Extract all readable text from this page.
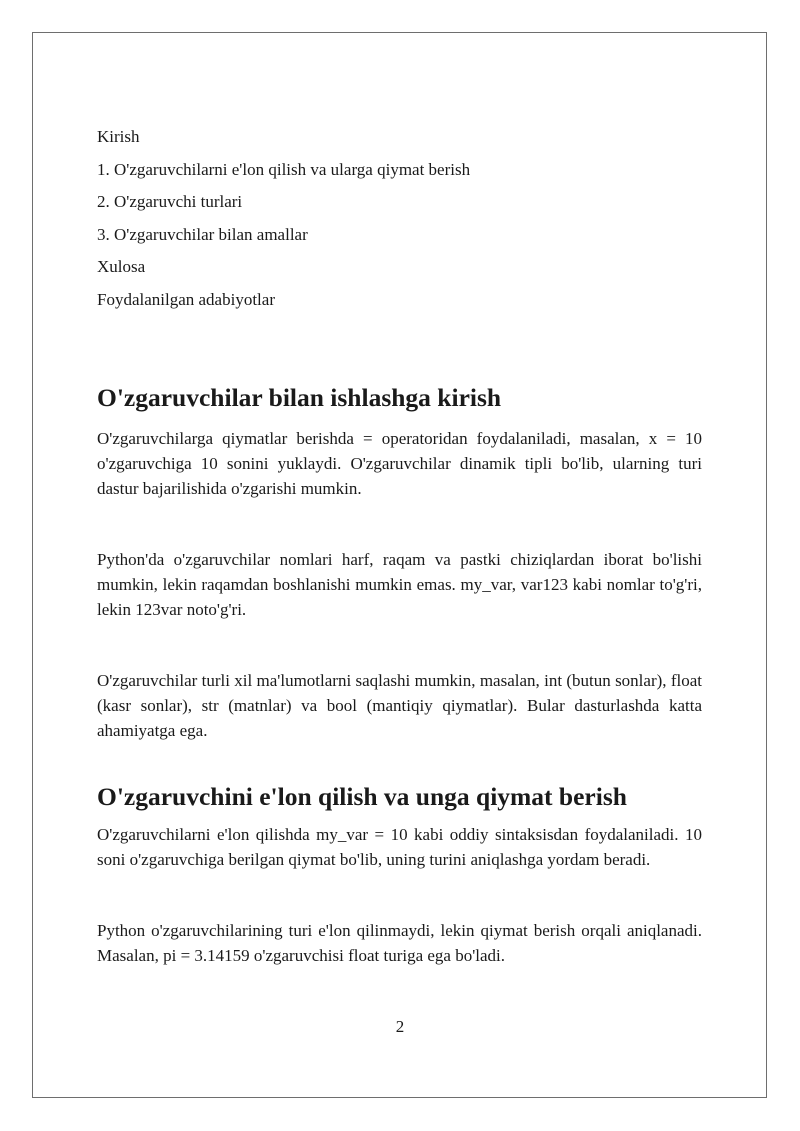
Kirish

1. O'zgaruvchilarni e'lon qilish va ularga qiymat berish

2. O'zgaruvchi turlari

3. O'zgaruvchilar bilan amallar

Xulosa

Foydalanilgan adabiyotlar

O'zgaruvchilar bilan ishlashga kirish

O'zgaruvchilarga qiymatlar berishda = operatoridan foydalaniladi, masalan, x = 10 o'zgaruvchiga 10 sonini yuklaydi. O'zgaruvchilar dinamik tipli bo'lib, ularning turi dastur bajarilishida o'zgarishi mumkin.

Python'da o'zgaruvchilar nomlari harf, raqam va pastki chiziqlardan iborat bo'lishi mumkin, lekin raqamdan boshlanishi mumkin emas. my_var, var123 kabi nomlar to'g'ri, lekin 123var noto'g'ri.

O'zgaruvchilar turli xil ma'lumotlarni saqlashi mumkin, masalan, int (butun sonlar), float (kasr sonlar), str (matnlar) va bool (mantiqiy qiymatlar). Bular dasturlashda katta ahamiyatga ega.

O'zgaruvchini e'lon qilish va unga qiymat berish

O'zgaruvchilarni e'lon qilishda my_var = 10 kabi oddiy sintaksisdan foydalaniladi. 10 soni o'zgaruvchiga berilgan qiymat bo'lib, uning turini aniqlashga yordam beradi.

Python o'zgaruvchilarining turi e'lon qilinmaydi, lekin qiymat berish orqali aniqlanadi. Masalan, pi = 3.14159 o'zgaruvchisi float turiga ega bo'ladi.

2
